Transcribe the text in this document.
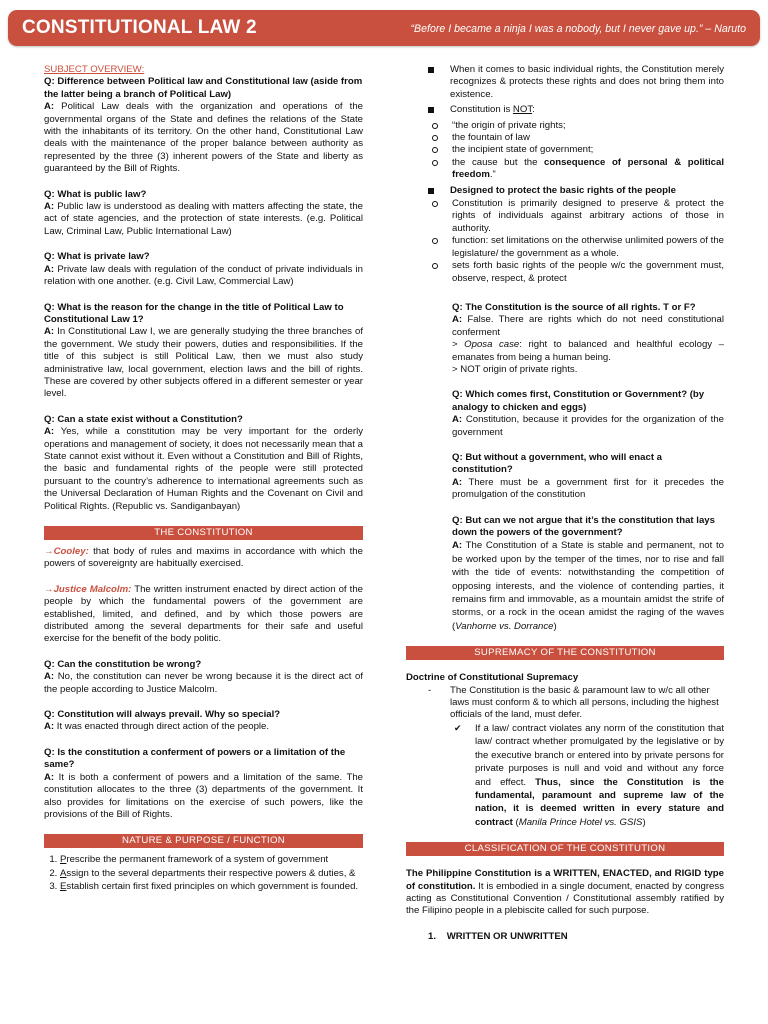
CONSTITUTIONAL LAW 2	“Before I became a ninja I was a nobody, but I never gave up.” – Naruto
SUBJECT OVERVIEW:
Q: Difference between Political law and Constitutional law (aside from the latter being a branch of Political Law)
A: Political Law deals with the organization and operations of the governmental organs of the State and defines the relations of the State with the inhabitants of its territory. On the other hand, Constitutional Law deals with the maintenance of the proper balance between authority as represented by the three (3) inherent powers of the State and liberty as guaranteed by the Bill of Rights.
Q: What is public law?
A: Public law is understood as dealing with matters affecting the state, the act of state agencies, and the protection of state interests. (e.g. Political Law, Criminal Law, Public International Law)
Q: What is private law?
A: Private law deals with regulation of the conduct of private individuals in relation with one another. (e.g. Civil Law, Commercial Law)
Q: What is the reason for the change in the title of Political Law to Constitutional Law 1?
A: In Constitutional Law I, we are generally studying the three branches of the government. We study their powers, duties and responsibilities. If the title of this subject is still Political Law, then we must also study administrative law, local government, election laws and the bill of rights. These are covered by other subjects offered in a different semester or year level.
Q: Can a state exist without a Constitution?
A: Yes, while a constitution may be very important for the orderly operations and management of society, it does not necessarily mean that a State cannot exist without it. Even without a Constitution and Bill of Rights, the basic and fundamental rights of the people were still protected pursuant to the country’s adherence to international agreements such as the Universal Declaration of Human Rights and the Covenant on Civil and Political Rights. (Republic vs. Sandiganbayan)
THE CONSTITUTION
→Cooley: that body of rules and maxims in accordance with which the powers of sovereignty are habitually exercised.
→Justice Malcolm: The written instrument enacted by direct action of the people by which the fundamental powers of the government are established, limited, and defined, and by which those powers are distributed among the several departments for their safe and useful exercise for the benefit of the body politic.
Q: Can the constitution be wrong?
A: No, the constitution can never be wrong because it is the direct act of the people according to Justice Malcolm.
Q: Constitution will always prevail. Why so special?
A: It was enacted through direct action of the people.
Q: Is the constitution a conferment of powers or a limitation of the same?
A: It is both a conferment of powers and a limitation of the same. The constitution allocates to the three (3) departments of the government. It also provides for limitations on the exercise of such powers, like the provisions of the Bill of Rights.
NATURE & PURPOSE / FUNCTION
1. Prescribe the permanent framework of a system of government
2. Assign to the several departments their respective powers & duties, &
3. Establish certain first fixed principles on which government is founded.
When it comes to basic individual rights, the Constitution merely recognizes & protects these rights and does not bring them into existence.
Constitution is NOT:
“the origin of private rights;
the fountain of law
the incipient state of government;
the cause but the consequence of personal & political freedom.”
Designed to protect the basic rights of the people
Constitution is primarily designed to preserve & protect the rights of individuals against arbitrary actions of those in authority.
function: set limitations on the otherwise unlimited powers of the legislature/ the government as a whole.
sets forth basic rights of the people w/c the government must, observe, respect, & protect
Q: The Constitution is the source of all rights. T or F?
A: False. There are rights which do not need constitutional conferment
> Oposa case: right to balanced and healthful ecology – emanates from being a human being.
> NOT origin of private rights.
Q: Which comes first, Constitution or Government? (by analogy to chicken and eggs)
A: Constitution, because it provides for the organization of the government
Q: But without a government, who will enact a constitution?
A: There must be a government first for it precedes the promulgation of the constitution
Q: But can we not argue that it’s the constitution that lays down the powers of the government?
A: The Constitution of a State is stable and permanent, not to be worked upon by the temper of the times, nor to rise and fall with the tide of events: notwithstanding the competition of opposing interests, and the violence of contending parties, it remains firm and immovable, as a mountain amidst the strife of storms, or a rock in the ocean amidst the raging of the waves (Vanhorne vs. Dorrance)
SUPREMACY OF THE CONSTITUTION
Doctrine of Constitutional Supremacy
- The Constitution is the basic & paramount law to w/c all other laws must conform & to which all persons, including the highest officials of the land, must defer.
✔ If a law/ contract violates any norm of the constitution that law/ contract whether promulgated by the legislative or by the executive branch or entered into by private persons for private purposes is null and void and without any force and effect. Thus, since the Constitution is the fundamental, paramount and supreme law of the nation, it is deemed written in every stature and contract (Manila Prince Hotel vs. GSIS)
CLASSIFICATION OF THE CONSTITUTION
The Philippine Constitution is a WRITTEN, ENACTED, and RIGID type of constitution. It is embodied in a single document, enacted by congress acting as Constitutional Convention / Constitutional assembly ratified by the Filipino people in a plebiscite called for such purpose.
1. WRITTEN OR UNWRITTEN
